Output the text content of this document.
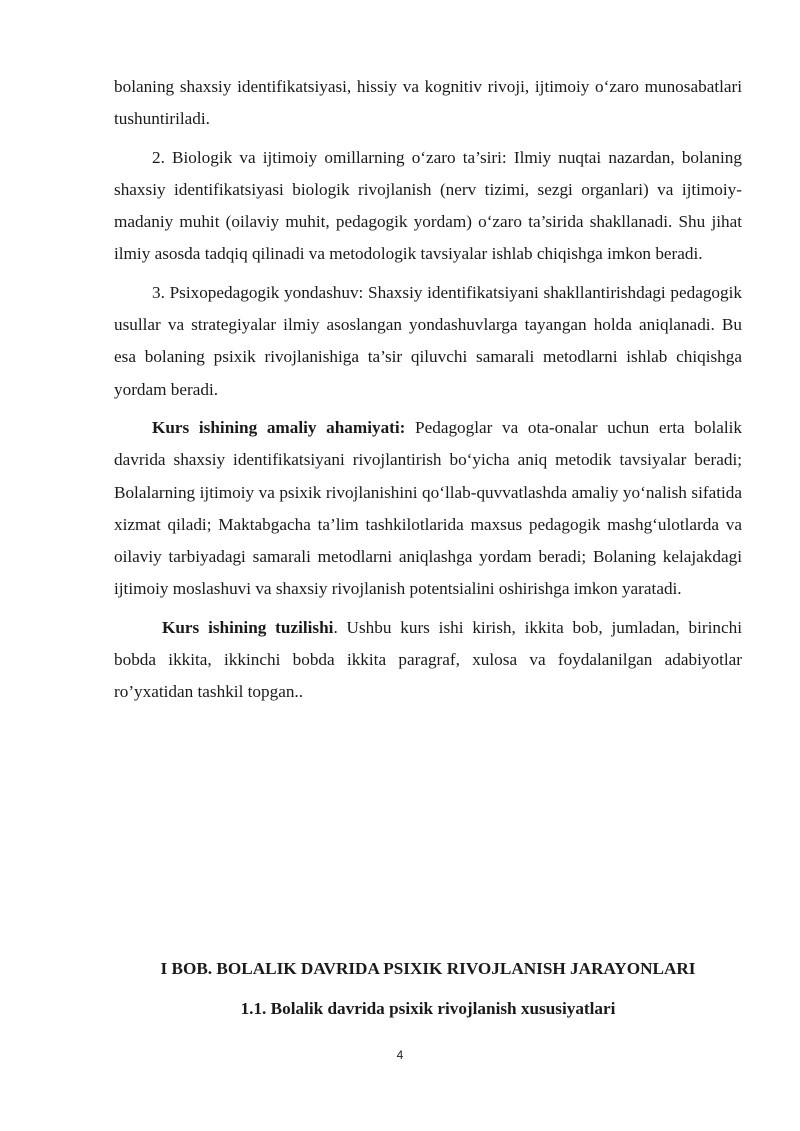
bolaning shaxsiy identifikatsiyasi, hissiy va kognitiv rivoji, ijtimoiy o‘zaro munosabatlari tushuntiriladi.

2. Biologik va ijtimoiy omillarning o‘zaro ta’siri: Ilmiy nuqtai nazardan, bolaning shaxsiy identifikatsiyasi biologik rivojlanish (nerv tizimi, sezgi organlari) va ijtimoiy-madaniy muhit (oilaviy muhit, pedagogik yordam) o‘zaro ta’sirida shakllanadi. Shu jihat ilmiy asosda tadqiq qilinadi va metodologik tavsiyalar ishlab chiqishga imkon beradi.

3. Psixopedagogik yondashuv: Shaxsiy identifikatsiyani shakllantirishdagi pedagogik usullar va strategiyalar ilmiy asoslangan yondashuvlarga tayangan holda aniqlanadi. Bu esa bolaning psixik rivojlanishiga ta’sir qiluvchi samarali metodlarni ishlab chiqishga yordam beradi.

Kurs ishining amaliy ahamiyati: Pedagoglar va ota-onalar uchun erta bolalik davrida shaxsiy identifikatsiyani rivojlantirish bo‘yicha aniq metodik tavsiyalar beradi; Bolalarning ijtimoiy va psixik rivojlanishini qo‘llab-quvvatlashda amaliy yo‘nalish sifatida xizmat qiladi; Maktabgacha ta’lim tashkilotlarida maxsus pedagogik mashg‘ulotlarda va oilaviy tarbiyadagi samarali metodlarni aniqlashga yordam beradi; Bolaning kelajakdagi ijtimoiy moslashuvi va shaxsiy rivojlanish potentsialini oshirishga imkon yaratadi.

Kurs ishining tuzilishi. Ushbu kurs ishi kirish, ikkita bob, jumladan, birinchi bobda ikkita, ikkinchi bobda ikkita paragraf, xulosa va foydalanilgan adabiyotlar ro’yxatidan tashkil topgan..

I BOB. BOLALIK DAVRIDA PSIXIK RIVOJLANISH JARAYONLARI
1.1. Bolalik davrida psixik rivojlanish xususiyatlari
4
